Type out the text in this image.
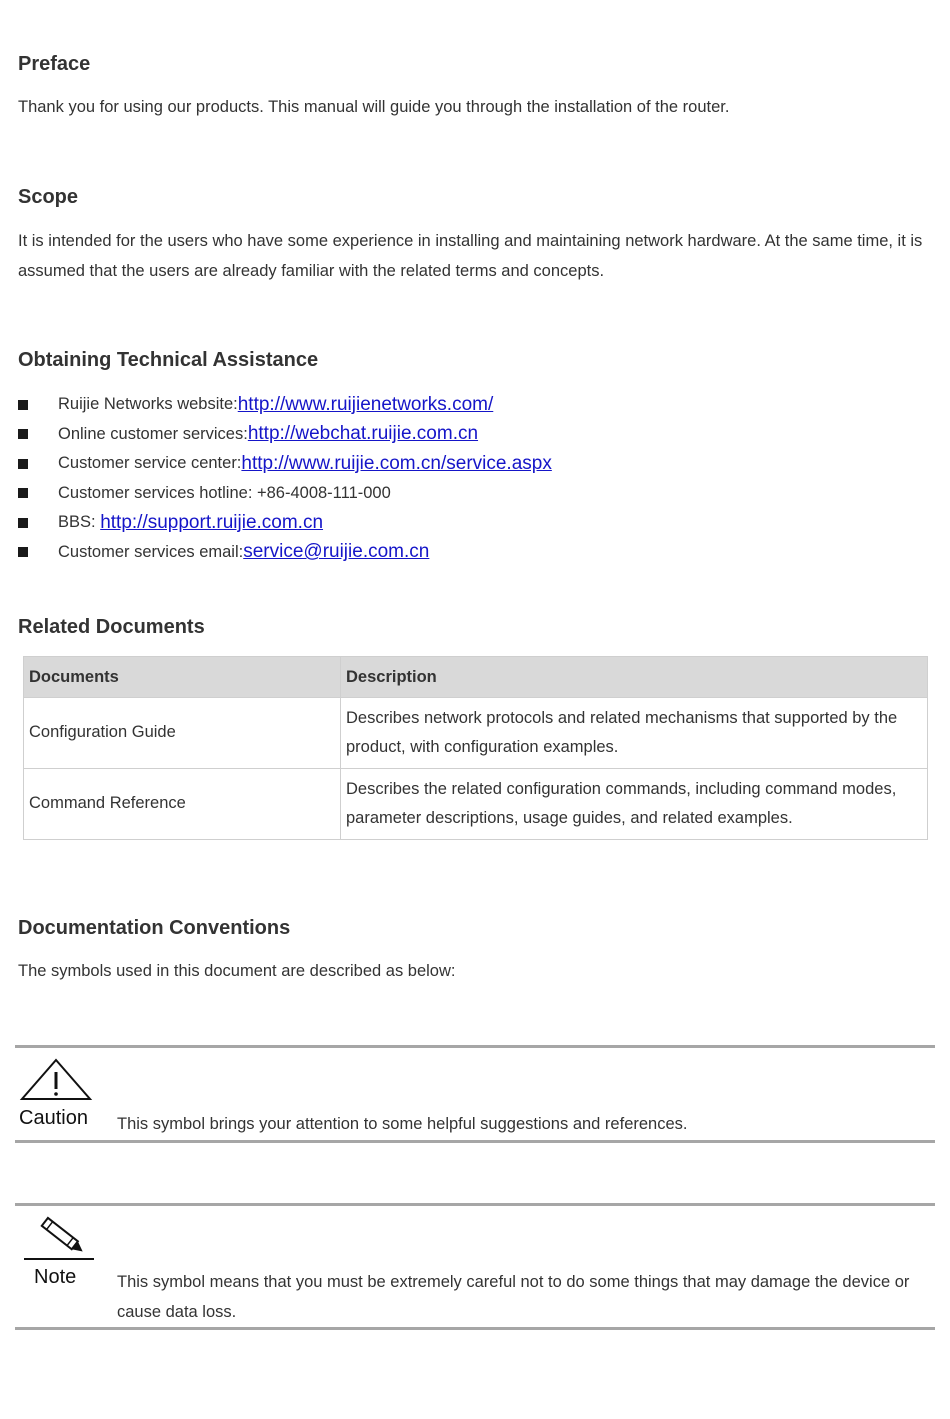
Preface

Thank you for using our products. This manual will guide you through the installation of the router.

Scope

It is intended for the users who have some experience in installing and maintaining network hardware. At the same time, it is assumed that the users are already familiar with the related terms and concepts.

Obtaining Technical Assistance
Ruijie Networks website: http://www.ruijienetworks.com/
Online customer services: http://webchat.ruijie.com.cn
Customer service center: http://www.ruijie.com.cn/service.aspx
Customer services hotline: +86-4008-111-000
BBS:
http://support.ruijie.com.cn
Customer services email: service@ruijie.com.cn
Related Documents
Documents	Description
Configuration Guide	Describes network protocols and related mechanisms that supported by the product, with configuration examples.
Command Reference	Describes the related configuration commands, including command modes, parameter descriptions, usage guides, and related examples.
Documentation Conventions

The symbols used in this document are described as below:

Caution This symbol brings your attention to some helpful suggestions and references.
Note This symbol means that you must be extremely careful not to do some things that may damage the device or cause data loss.
